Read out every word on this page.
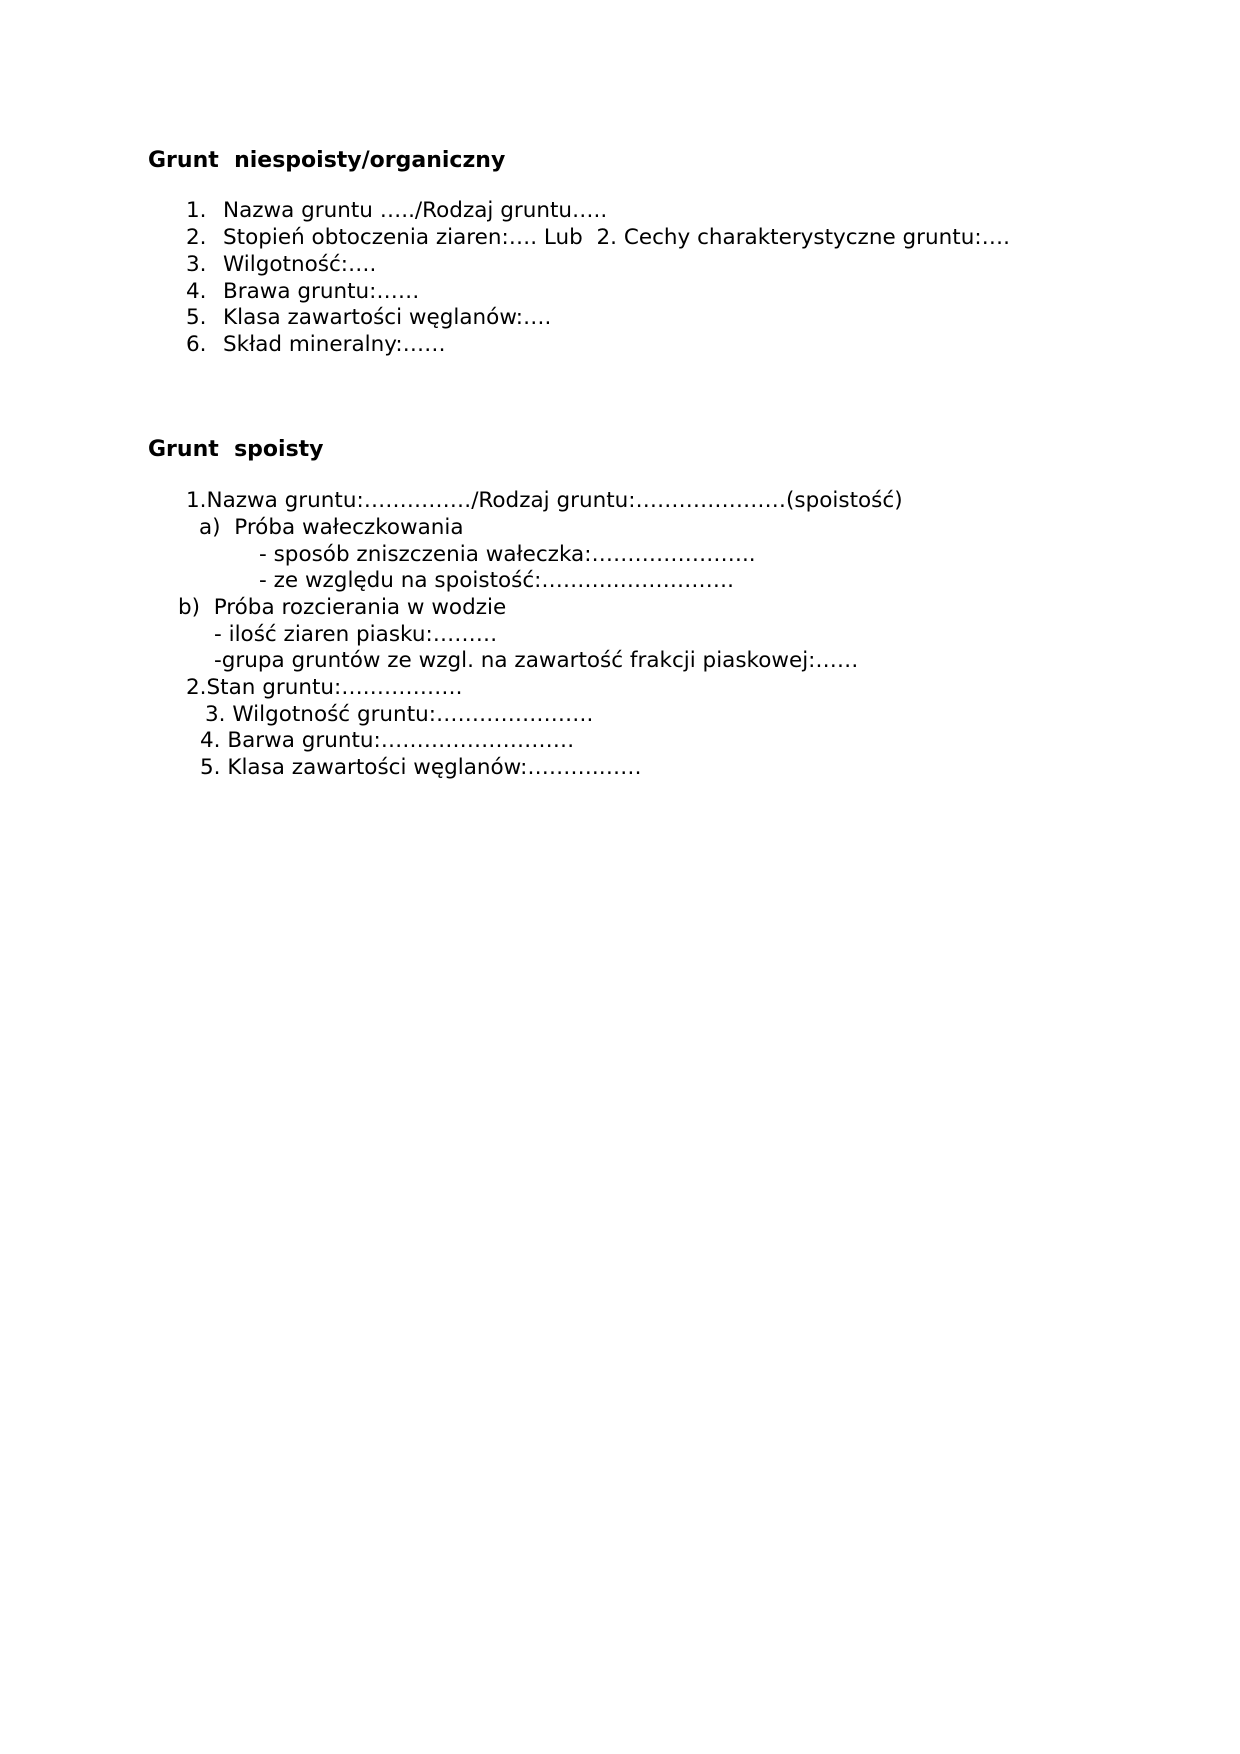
Grunt  niespoisty/organiczny
1. Nazwa gruntu …../Rodzaj gruntu…..
2. Stopień obtoczenia ziaren:…. Lub  2. Cechy charakterystyczne gruntu:….
3. Wilgotność:….
4. Brawa gruntu:……
5. Klasa zawartości węglanów:….
6. Skład mineralny:……
Grunt  spoisty
1.Nazwa gruntu:……………/Rodzaj gruntu:…………………(spoistość)
a)  Próba wałeczkowania
- sposób zniszczenia wałeczka:…………………..
- ze względu na spoistość:………..…………….
b)  Próba rozcierania w wodzie
- ilość ziaren piasku:………
-grupa gruntów ze wzgl. na zawartość frakcji piaskowej:……
2.Stan gruntu:….………….
3. Wilgotność gruntu:………………….
4. Barwa gruntu:………………………
5. Klasa zawartości węglanów:……….……
